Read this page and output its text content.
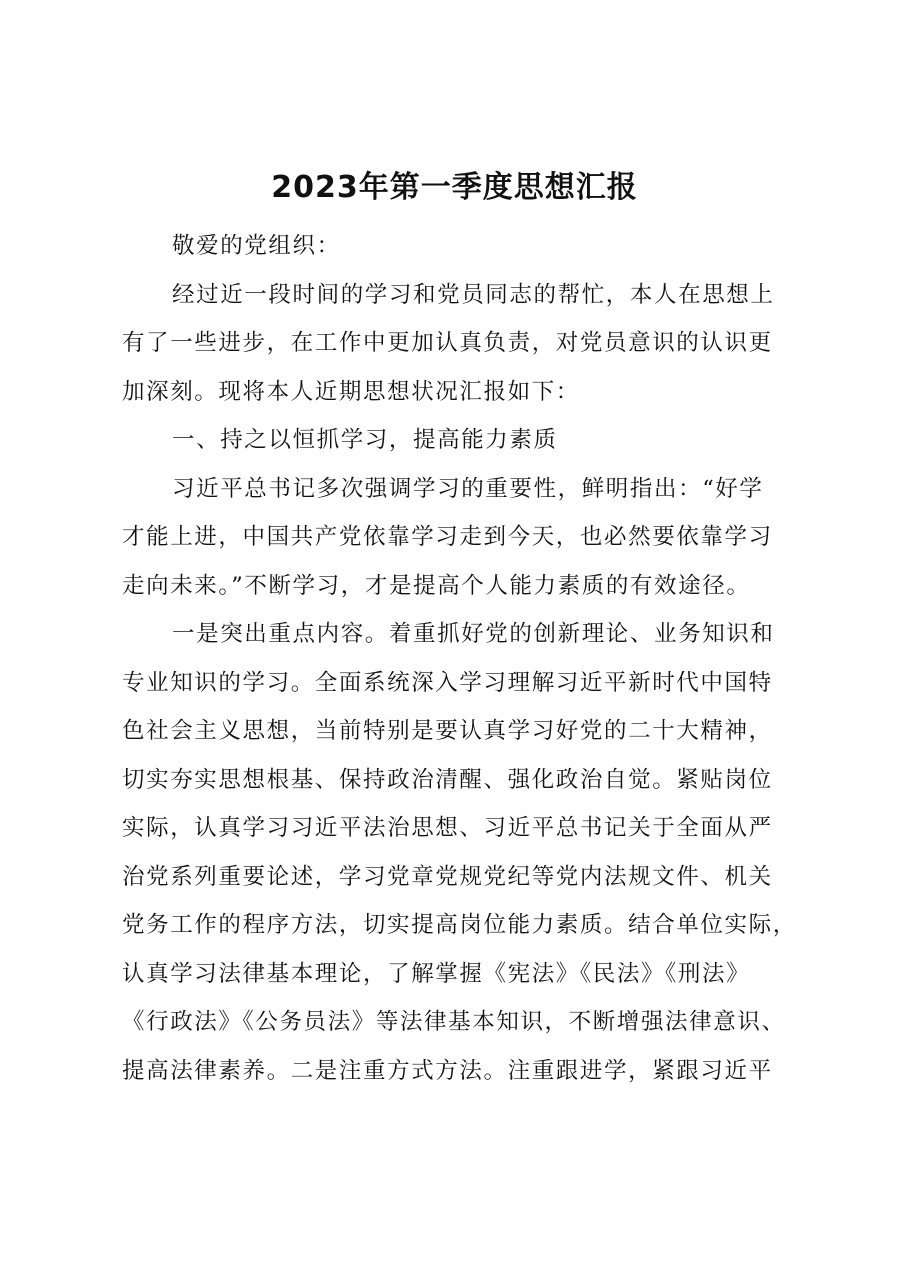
2023年第一季度思想汇报
敬爱的党组织：
经过近一段时间的学习和党员同志的帮忙，本人在思想上
有了一些进步，在工作中更加认真负责，对党员意识的认识更
加深刻。现将本人近期思想状况汇报如下：
一、持之以恒抓学习，提高能力素质
习近平总书记多次强调学习的重要性，鲜明指出：“好学
才能上进，中国共产党依靠学习走到今天，也必然要依靠学习
走向未来。”不断学习，才是提高个人能力素质的有效途径。
一是突出重点内容。着重抓好党的创新理论、业务知识和
专业知识的学习。全面系统深入学习理解习近平新时代中国特
色社会主义思想，当前特别是要认真学习好党的二十大精神，
切实夯实思想根基、保持政治清醒、强化政治自觉。紧贴岗位
实际，认真学习习近平法治思想、习近平总书记关于全面从严
治党系列重要论述，学习党章党规党纪等党内法规文件、机关
党务工作的程序方法，切实提高岗位能力素质。结合单位实际，
认真学习法律基本理论，了解掌握《宪法》《民法》《刑法》
《行政法》《公务员法》等法律基本知识，不断增强法律意识、
提高法律素养。二是注重方式方法。注重跟进学，紧跟习近平
